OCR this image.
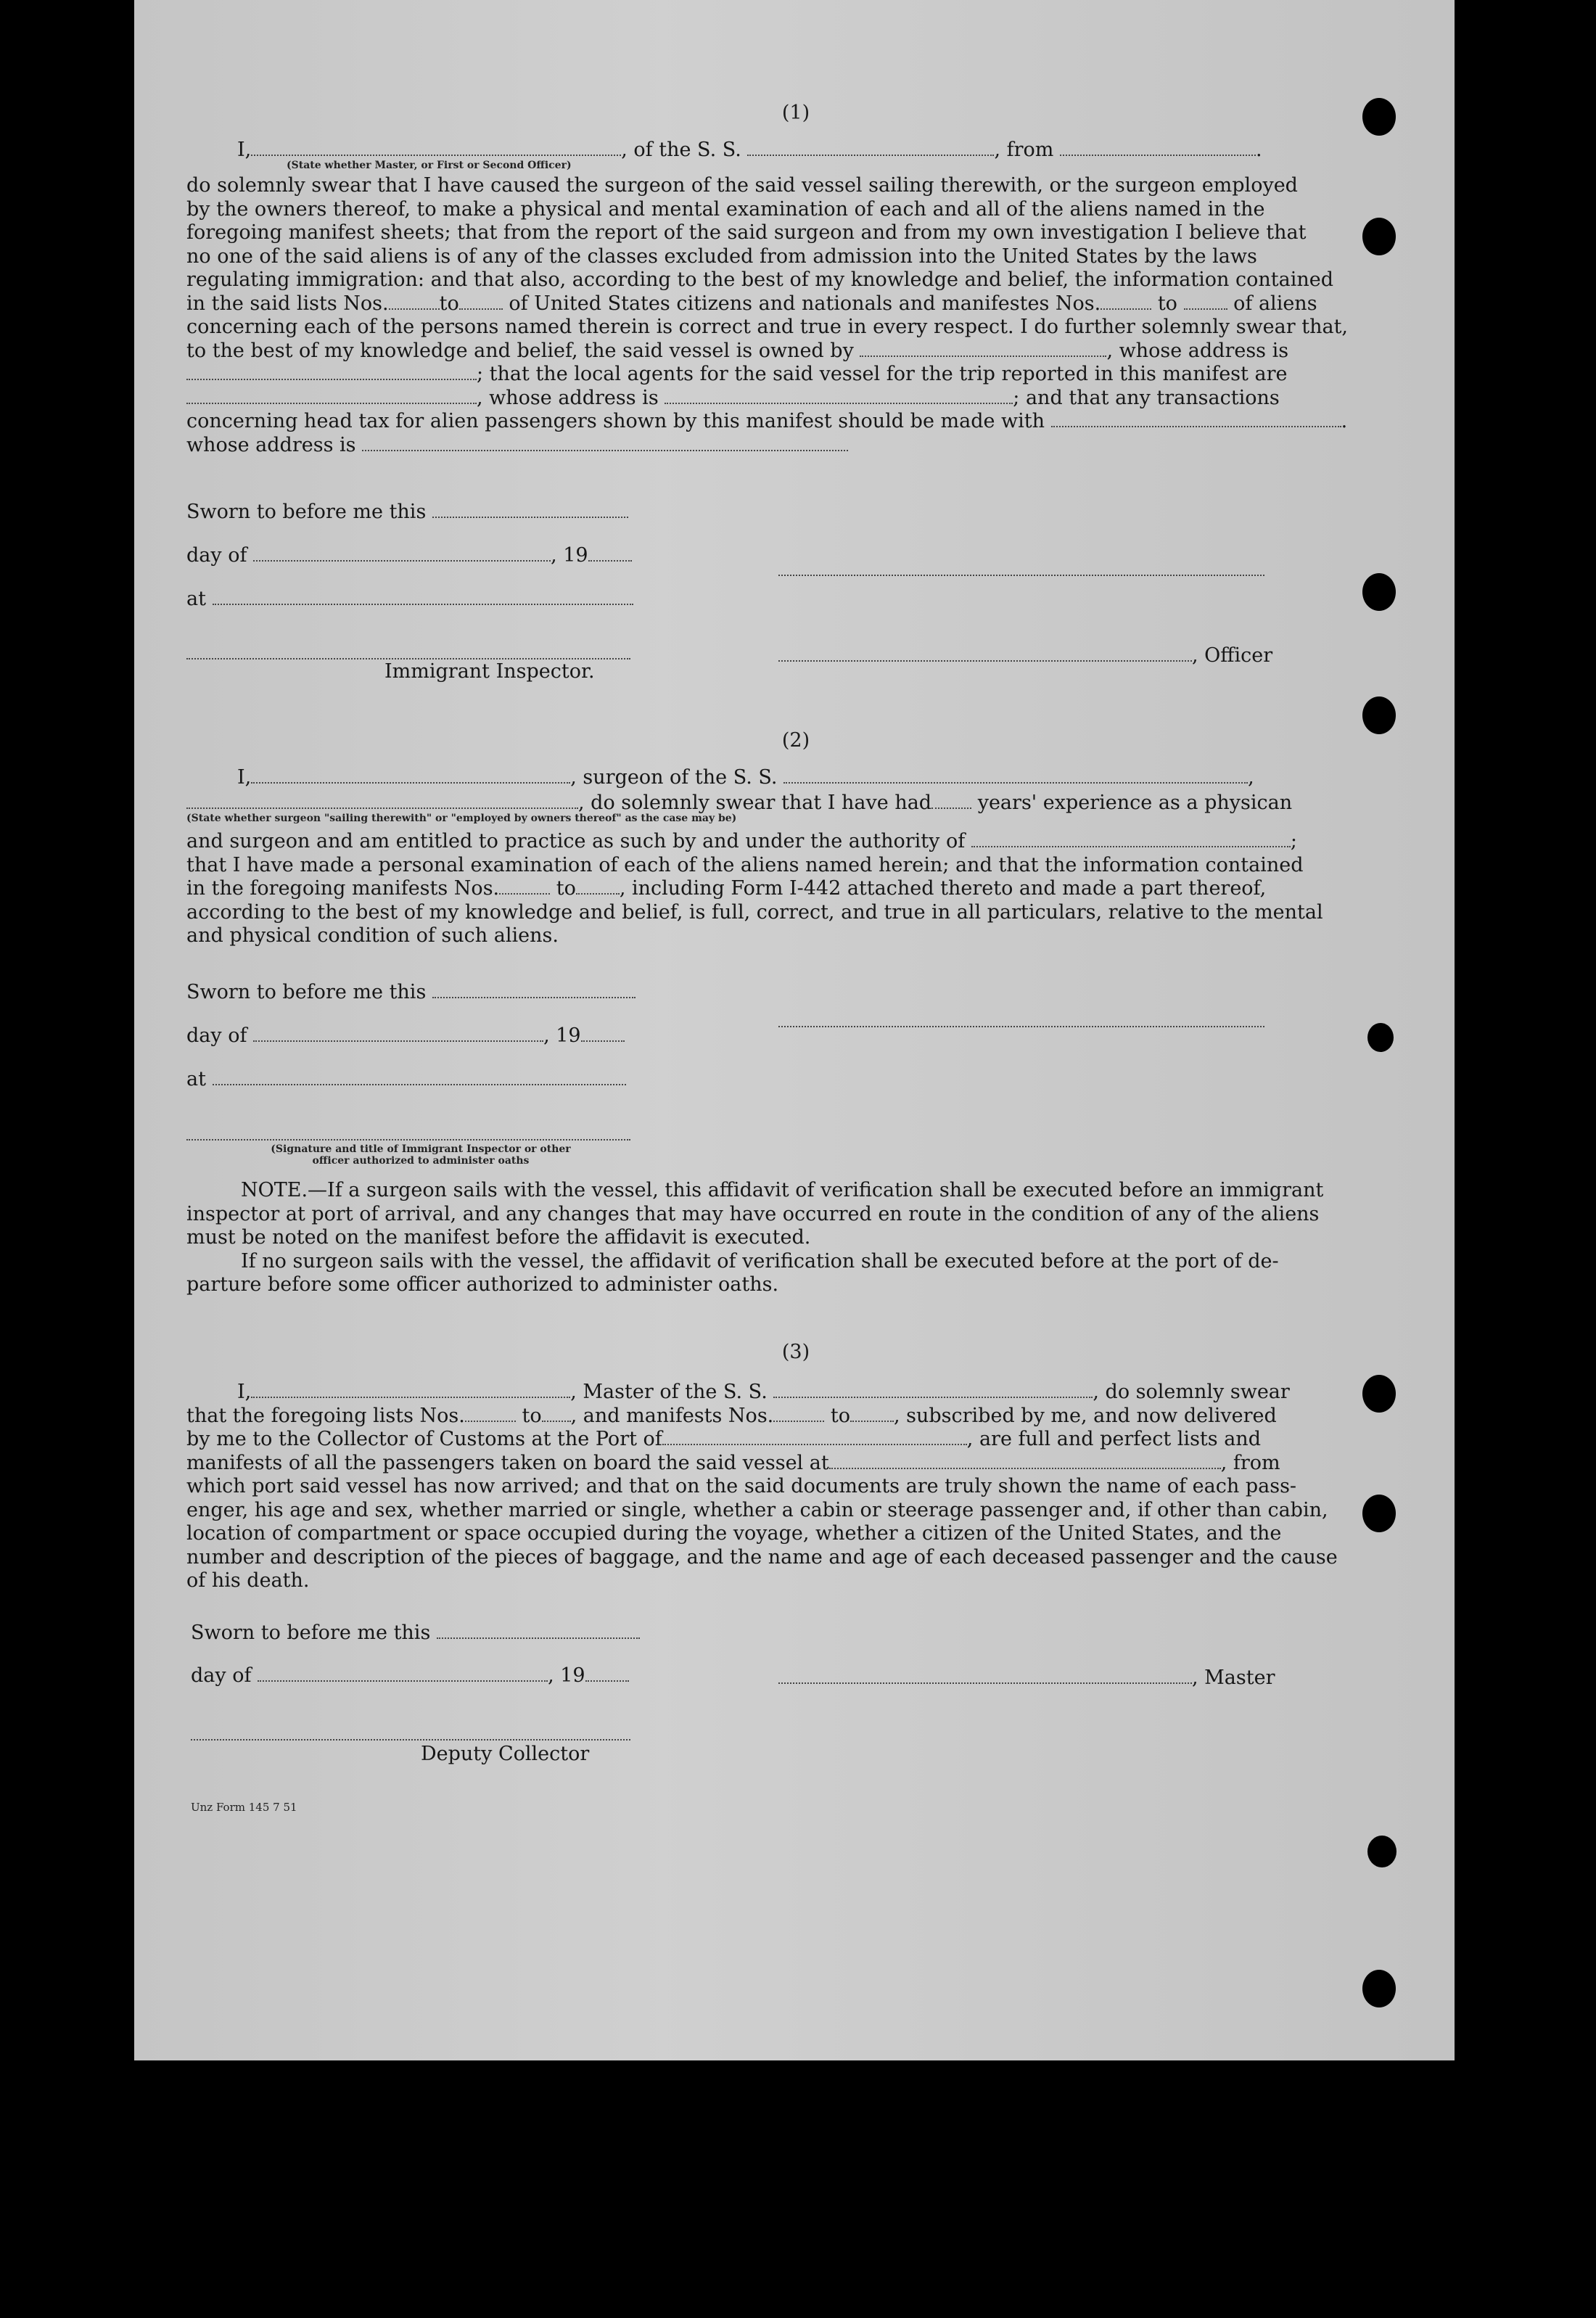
(1)
I,	, of the S. S.	, from	.
(State whether Master, or First or Second Officer)
do solemnly swear that I have caused the surgeon of the said vessel sailing therewith, or the surgeon employed
by the owners thereof, to make a physical and mental examination of each and all of the aliens named in the
foregoing manifest sheets; that from the report of the said surgeon and from my own investigation I believe that
no one of the said aliens is of any of the classes excluded from admission into the United States by the laws
regulating immigration: and that also, according to the best of my knowledge and belief, the information contained
in the said lists Nos.	to	of United States citizens and nationals and manifestes Nos.	to	of aliens
concerning each of the persons named therein is correct and true in every respect. I do further solemnly swear that,
to the best of my knowledge and belief, the said vessel is owned by	, whose address is
; that the local agents for the said vessel for the trip reported in this manifest are
, whose address is	; and that any transactions
concerning head tax for alien passengers shown by this manifest should be made with	.
whose address is
Sworn to before me this
day of	, 19
at
, Officer
Immigrant Inspector.
(2)
I,	, surgeon of the S. S.	,
, do solemnly swear that I have had years' experience as a physican
(State whether surgeon "sailing therewith" or "employed by owners thereof" as the case may be)
and surgeon and am entitled to practice as such by and under the authority of	;
that I have made a personal examination of each of the aliens named herein; and that the information contained
in the foregoing manifests Nos.	to , including Form I-442 attached thereto and made a part thereof,
according to the best of my knowledge and belief, is full, correct, and true in all particulars, relative to the mental
and physical condition of such aliens.
Sworn to before me this
day of	, 19
at
(Signature and title of Immigrant Inspector or other
officer authorized to administer oaths
NOTE.—If a surgeon sails with the vessel, this affidavit of verification shall be executed before an immigrant
inspector at port of arrival, and any changes that may have occurred en route in the condition of any of the aliens
must be noted on the manifest before the affidavit is executed.
If no surgeon sails with the vessel, the affidavit of verification shall be executed before at the port of de-
parture before some officer authorized to administer oaths.
(3)
I,	, Master of the S. S.	, do solemnly swear
that the foregoing lists Nos.	to , and manifests Nos.	to , subscribed by me, and now delivered
by me to the Collector of Customs at the Port of	, are full and perfect lists and
manifests of all the passengers taken on board the said vessel at	, from
which port said vessel has now arrived; and that on the said documents are truly shown the name of each pass-
enger, his age and sex, whether married or single, whether a cabin or steerage passenger and, if other than cabin,
location of compartment or space occupied during the voyage, whether a citizen of the United States, and the
number and description of the pieces of baggage, and the name and age of each deceased passenger and the cause
of his death.
Sworn to before me this
day of	, 19	, Master
Deputy Collector
Unz Form 145 7 51
